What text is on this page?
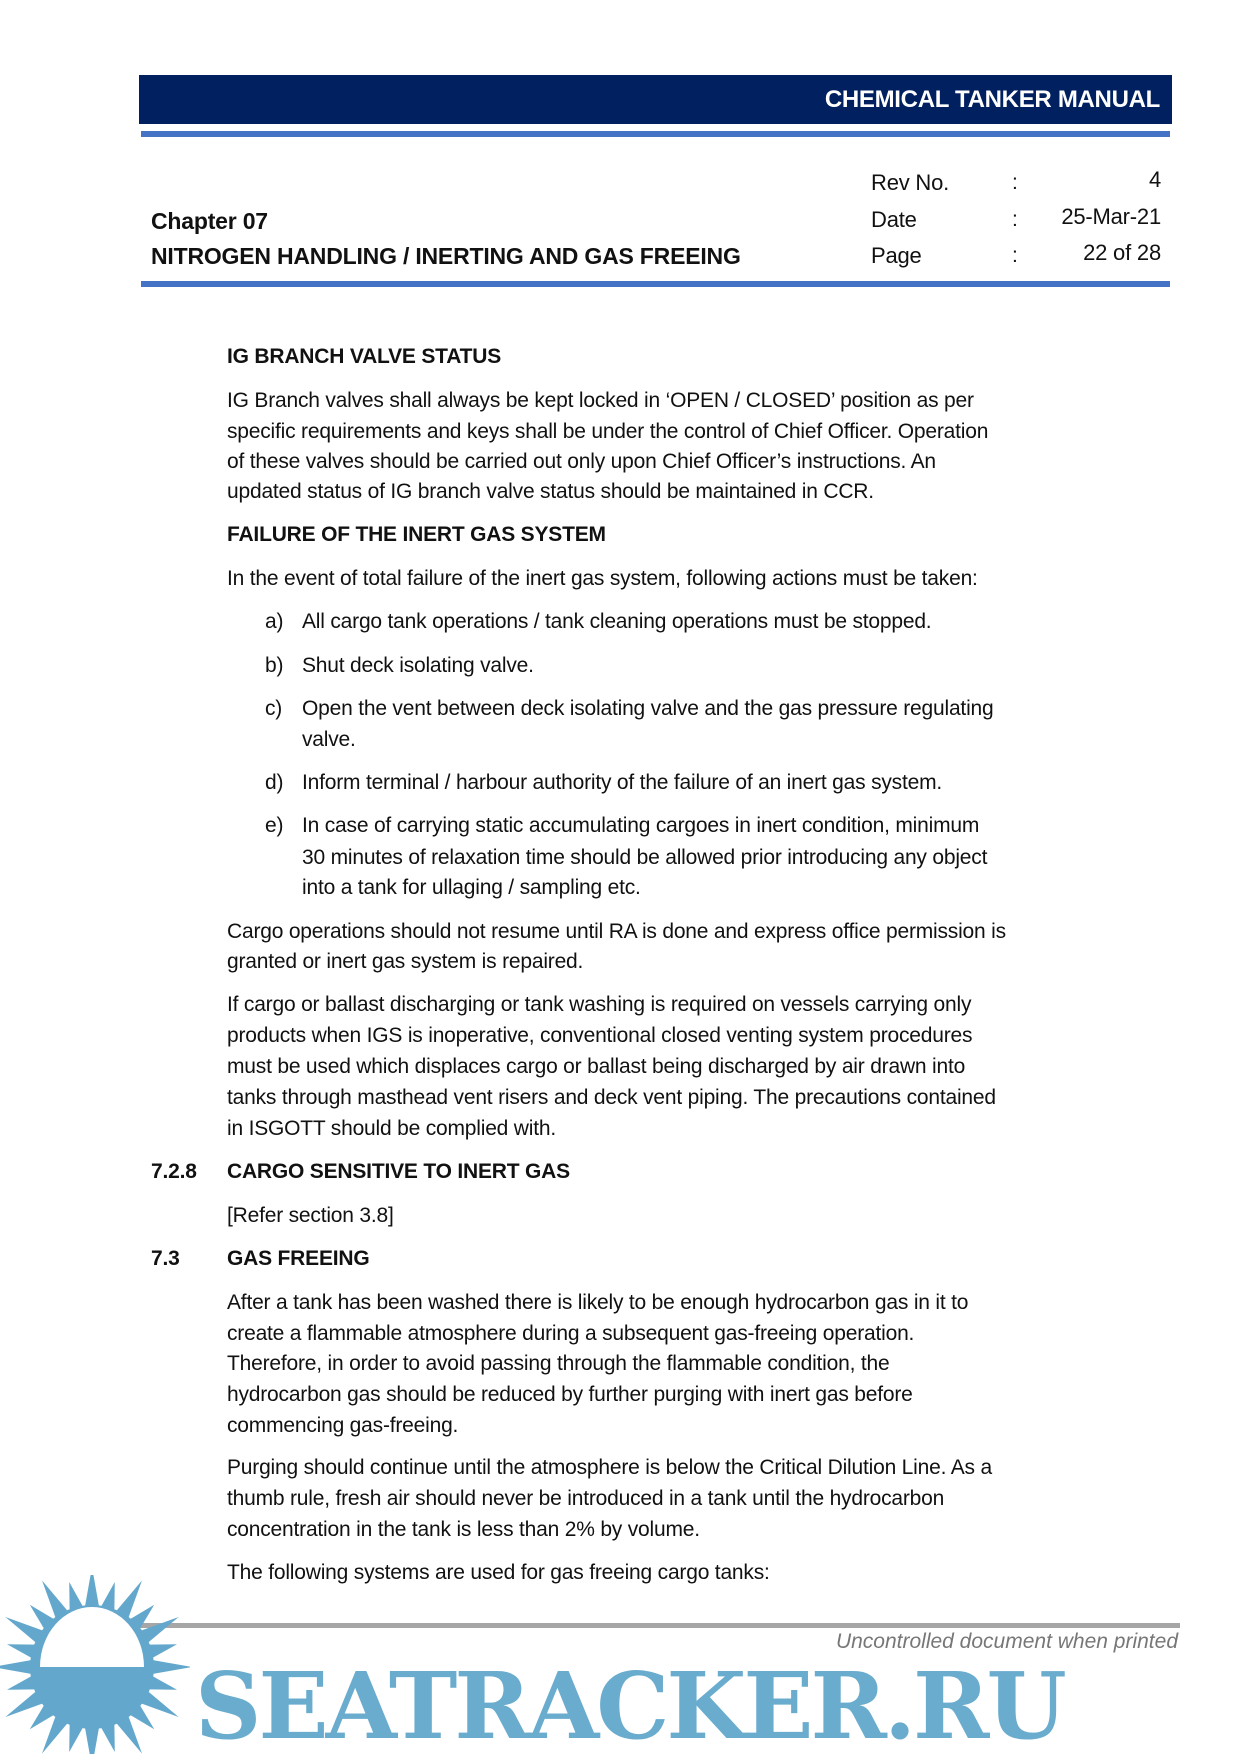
CHEMICAL TANKER MANUAL
Chapter 07
NITROGEN HANDLING / INERTING AND GAS FREEING
Uncontrolled document when printed
SEATRACKER.RU
Rev No.	:	4
Date	: 25-Mar-21
Page	:	22 of 28
IG BRANCH VALVE STATUS
IG Branch valves shall always be kept locked in ‘OPEN / CLOSED’ position as per
specific requirements and keys shall be under the control of Chief Officer. Operation
of these valves should be carried out only upon Chief Officer’s instructions. An
updated status of IG branch valve status should be maintained in CCR.
FAILURE OF THE INERT GAS SYSTEM
In the event of total failure of the inert gas system, following actions must be taken:
a) All cargo tank operations / tank cleaning operations must be stopped.
b) Shut deck isolating valve.
c) Open the vent between deck isolating valve and the gas pressure regulating
valve.
d) Inform terminal / harbour authority of the failure of an inert gas system.
e) In case of carrying static accumulating cargoes in inert condition, minimum
30 minutes of relaxation time should be allowed prior introducing any object
into a tank for ullaging / sampling etc.
Cargo operations should not resume until RA is done and express office permission is
granted or inert gas system is repaired.
If cargo or ballast discharging or tank washing is required on vessels carrying only
products when IGS is inoperative, conventional closed venting system procedures
must be used which displaces cargo or ballast being discharged by air drawn into
tanks through masthead vent risers and deck vent piping. The precautions contained
in ISGOTT should be complied with.
7.2.8 CARGO SENSITIVE TO INERT GAS
[Refer section 3.8]
7.3 GAS FREEING
After a tank has been washed there is likely to be enough hydrocarbon gas in it to
create a flammable atmosphere during a subsequent gas-freeing operation.
Therefore, in order to avoid passing through the flammable condition, the
hydrocarbon gas should be reduced by further purging with inert gas before
commencing gas-freeing.
Purging should continue until the atmosphere is below the Critical Dilution Line. As a
thumb rule, fresh air should never be introduced in a tank until the hydrocarbon
concentration in the tank is less than 2% by volume.
The following systems are used for gas freeing cargo tanks:
